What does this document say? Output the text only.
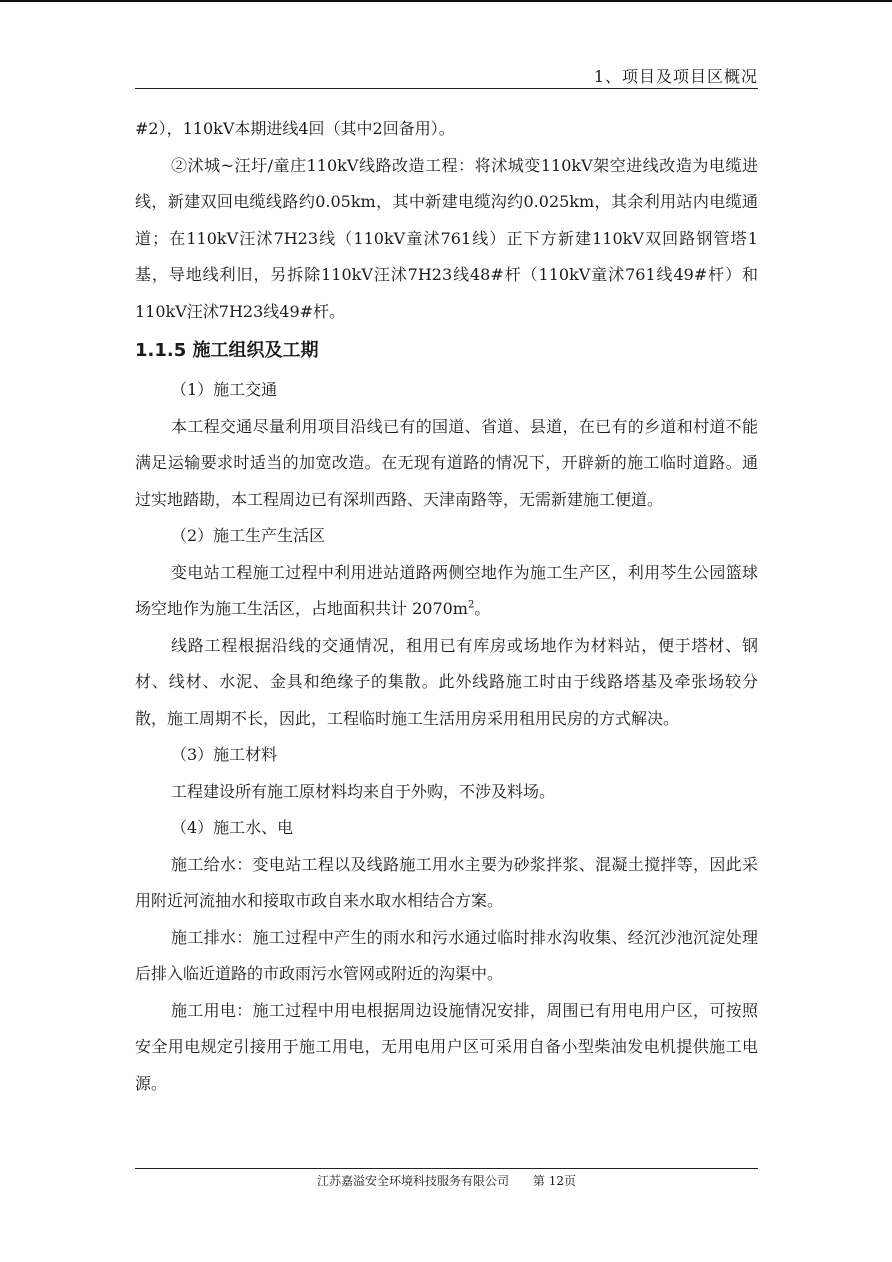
1、项目及项目区概况

#2），110kV本期进线4回（其中2回备用）。

②沭城~汪圩/童庄110kV线路改造工程：将沭城变110kV架空进线改造为电缆进线，新建双回电缆线路约0.05km，其中新建电缆沟约0.025km，其余利用站内电缆通道；在110kV汪沭7H23线（110kV童沭761线）正下方新建110kV双回路钢管塔1基，导地线利旧，另拆除110kV汪沭7H23线48#杆（110kV童沭761线49#杆）和110kV汪沭7H23线49#杆。

1.1.5 施工组织及工期

（1）施工交通

本工程交通尽量利用项目沿线已有的国道、省道、县道，在已有的乡道和村道不能满足运输要求时适当的加宽改造。在无现有道路的情况下，开辟新的施工临时道路。通过实地踏勘，本工程周边已有深圳西路、天津南路等，无需新建施工便道。

（2）施工生产生活区

变电站工程施工过程中利用进站道路两侧空地作为施工生产区，利用芩生公园篮球场空地作为施工生活区，占地面积共计 $2070m^2$。

线路工程根据沿线的交通情况，租用已有库房或场地作为材料站，便于塔材、钢材、线材、水泥、金具和绝缘子的集散。此外线路施工时由于线路塔基及牵张场较分散，施工周期不长，因此，工程临时施工生活用房采用租用民房的方式解决。

（3）施工材料

工程建设所有施工原材料均来自于外购，不涉及料场。

（4）施工水、电

施工给水：变电站工程以及线路施工用水主要为砂浆拌浆、混凝土搅拌等，因此采用附近河流抽水和接取市政自来水取水相结合方案。

施工排水：施工过程中产生的雨水和污水通过临时排水沟收集、经沉沙池沉淀处理后排入临近道路的市政雨污水管网或附近的沟渠中。

施工用电：施工过程中用电根据周边设施情况安排，周围已有用电用户区，可按照安全用电规定引接用于施工用电，无用电用户区可采用自备小型柴油发电机提供施工电源。

江苏嘉溢安全环境科技服务有限公司 第 12页
